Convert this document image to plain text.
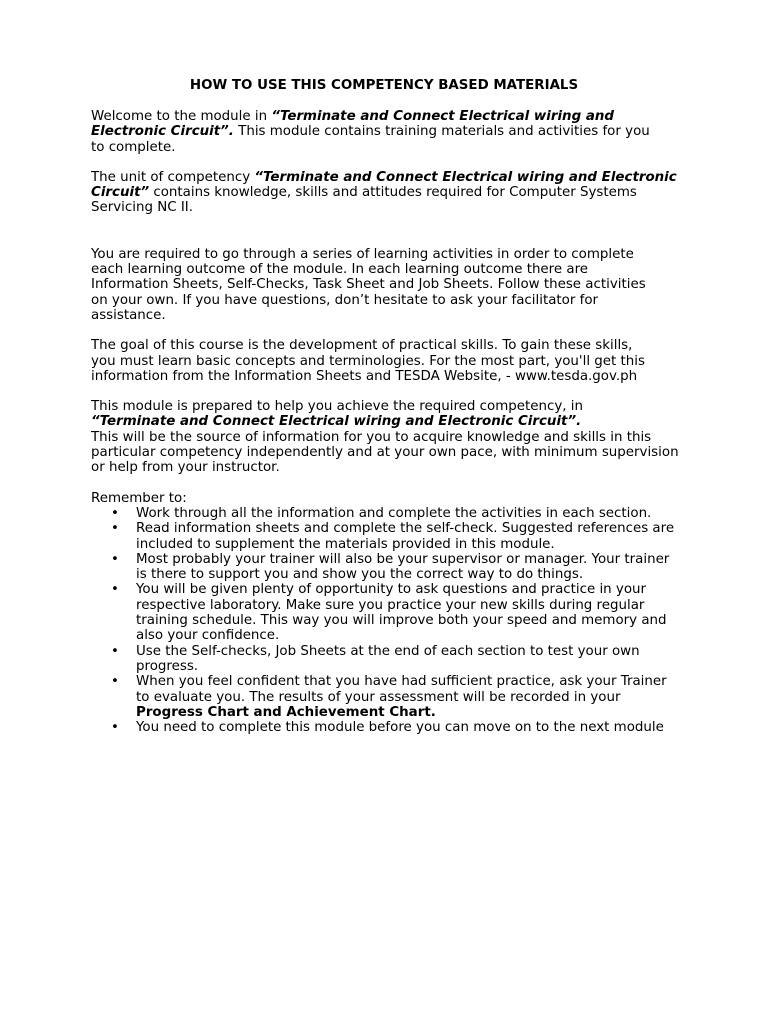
HOW TO USE THIS COMPETENCY BASED MATERIALS

Welcome to the module in “Terminate and Connect Electrical wiring and Electronic Circuit”. This module contains training materials and activities for you to complete.

The unit of competency “Terminate and Connect Electrical wiring and Electronic Circuit” contains knowledge, skills and attitudes required for Computer Systems Servicing NC II.

You are required to go through a series of learning activities in order to complete each learning outcome of the module. In each learning outcome there are Information Sheets, Self-Checks, Task Sheet and Job Sheets. Follow these activities on your own. If you have questions, don’t hesitate to ask your facilitator for assistance.

The goal of this course is the development of practical skills. To gain these skills, you must learn basic concepts and terminologies. For the most part, you'll get this information from the Information Sheets and TESDA Website, - www.tesda.gov.ph

This module is prepared to help you achieve the required competency, in
“Terminate and Connect Electrical wiring and Electronic Circuit”.
This will be the source of information for you to acquire knowledge and skills in this particular competency independently and at your own pace, with minimum supervision or help from your instructor.

Remember to:

• Work through all the information and complete the activities in each section.
• Read information sheets and complete the self-check. Suggested references are included to supplement the materials provided in this module.
• Most probably your trainer will also be your supervisor or manager. Your trainer is there to support you and show you the correct way to do things.
• You will be given plenty of opportunity to ask questions and practice in your respective laboratory. Make sure you practice your new skills during regular training schedule. This way you will improve both your speed and memory and also your confidence.
• Use the Self-checks, Job Sheets at the end of each section to test your own progress.
• When you feel confident that you have had sufficient practice, ask your Trainer to evaluate you. The results of your assessment will be recorded in your Progress Chart and Achievement Chart.
• You need to complete this module before you can move on to the next module
